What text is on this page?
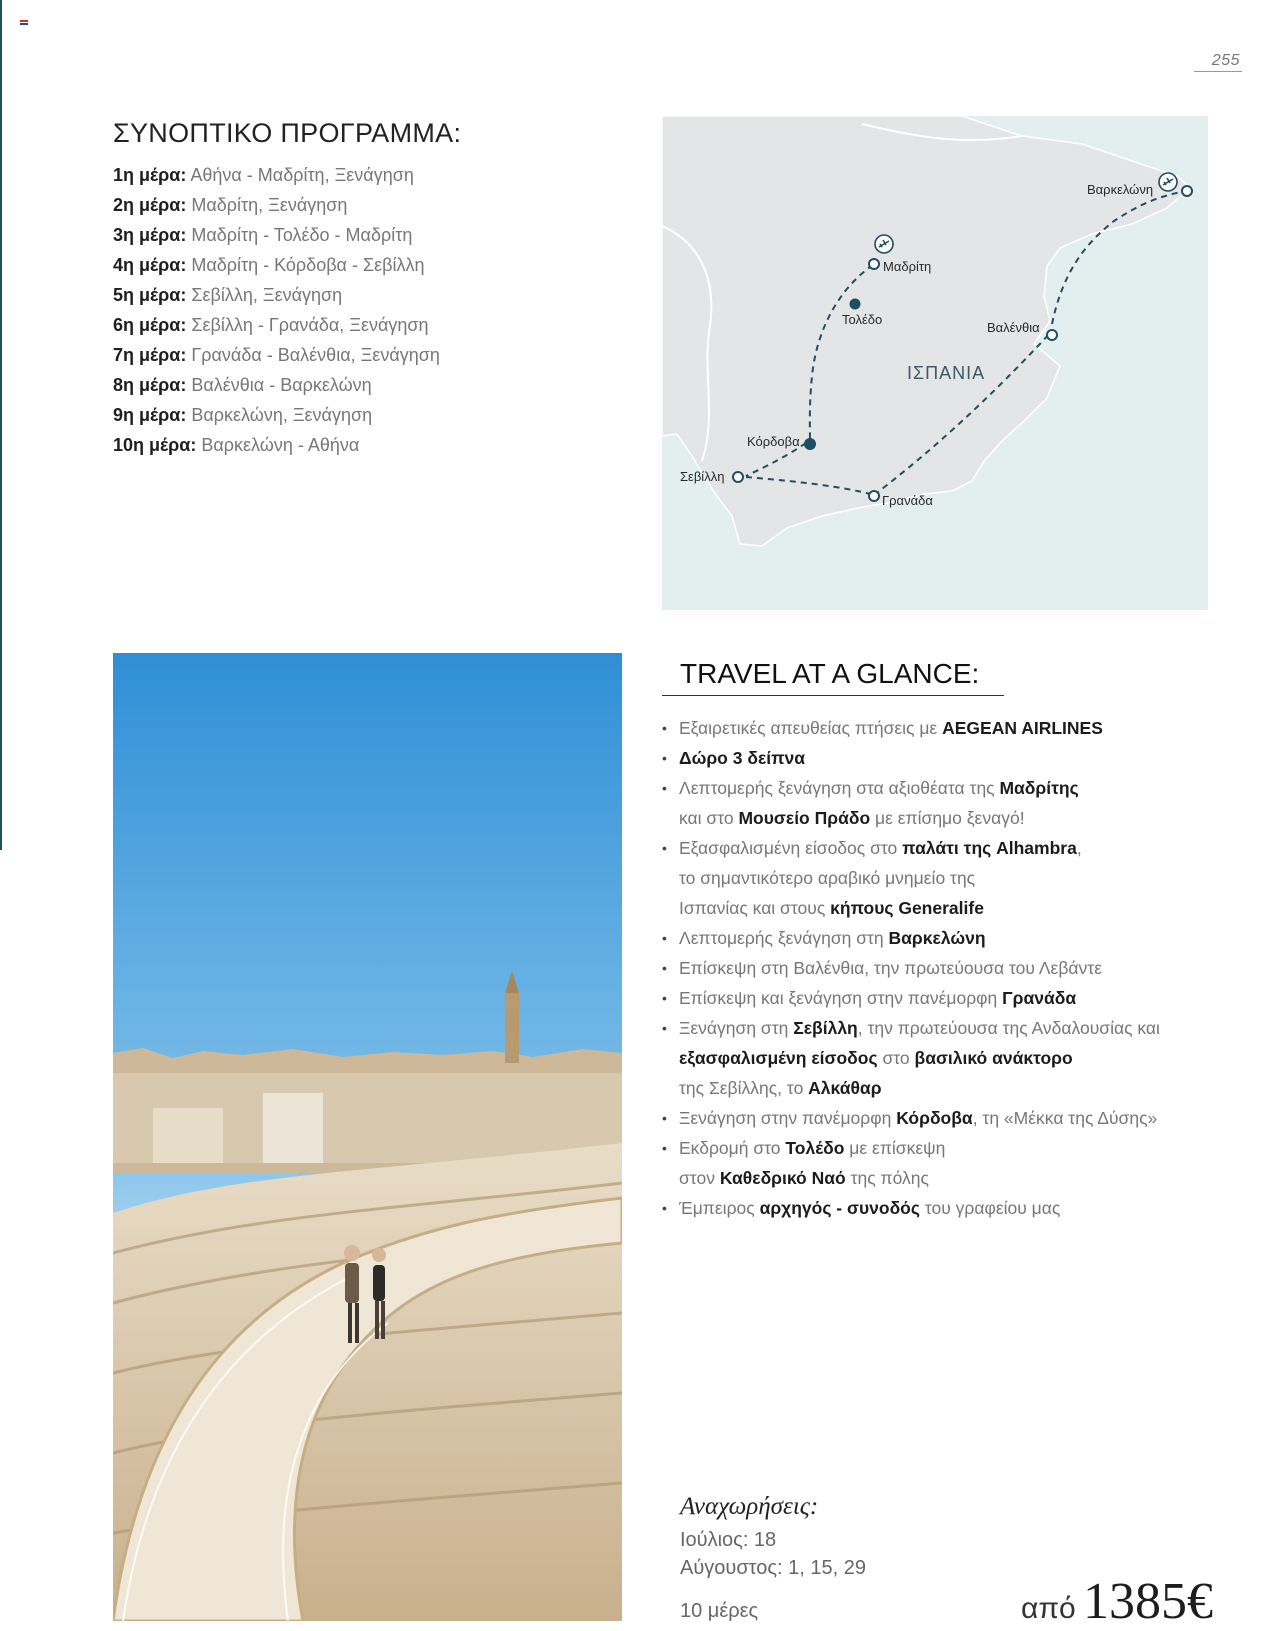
255
ΣΥΝΟΠΤΙΚΟ ΠΡΟΓΡΑΜΜΑ:
1η μέρα: Αθήνα - Μαδρίτη, Ξενάγηση
2η μέρα: Μαδρίτη, Ξενάγηση
3η μέρα: Μαδρίτη - Τολέδο - Μαδρίτη
4η μέρα: Μαδρίτη - Κόρδοβα - Σεβίλλη
5η μέρα: Σεβίλλη, Ξενάγηση
6η μέρα: Σεβίλλη - Γρανάδα, Ξενάγηση
7η μέρα: Γρανάδα - Βαλένθια, Ξενάγηση
8η μέρα: Βαλένθια - Βαρκελώνη
9η μέρα: Βαρκελώνη, Ξενάγηση
10η μέρα: Βαρκελώνη - Αθήνα
Μαδρίτη
Τολέδο
Βαλένθια
Βαρκελώνη
Κόρδοβα
Σεβίλλη
Γρανάδα
ΙΣΠΑΝΙΑ
TRAVEL AT A GLANCE:
• Εξαιρετικές απευθείας πτήσεις με AEGEAN AIRLINES
• Δώρο 3 δείπνα
• Λεπτομερής ξενάγηση στα αξιοθέατα της Μαδρίτης
και στο Μουσείο Πράδο με επίσημο ξεναγό!
• Εξασφαλισμένη είσοδος στο παλάτι της Alhambra,
το σημαντικότερο αραβικό μνημείο της
Ισπανίας και στους κήπους Generalife
• Λεπτομερής ξενάγηση στη Βαρκελώνη
• Επίσκεψη στη Βαλένθια, την πρωτεύουσα του Λεβάντε
• Επίσκεψη και ξενάγηση στην πανέμορφη Γρανάδα
• Ξενάγηση στη Σεβίλλη, την πρωτεύουσα της Ανδαλουσίας και
εξασφαλισμένη είσοδος στο βασιλικό ανάκτορο
της Σεβίλλης, το Αλκάθαρ
• Ξενάγηση στην πανέμορφη Κόρδοβα, τη «Μέκκα της Δύσης»
• Εκδρομή στο Τολέδο με επίσκεψη
στον Καθεδρικό Ναό της πόλης
• Έμπειρος αρχηγός - συνοδός του γραφείου μας
Αναχωρήσεις:
Ιούλιος: 18
Αύγουστος: 1, 15, 29
10 μέρες	από 1385€
